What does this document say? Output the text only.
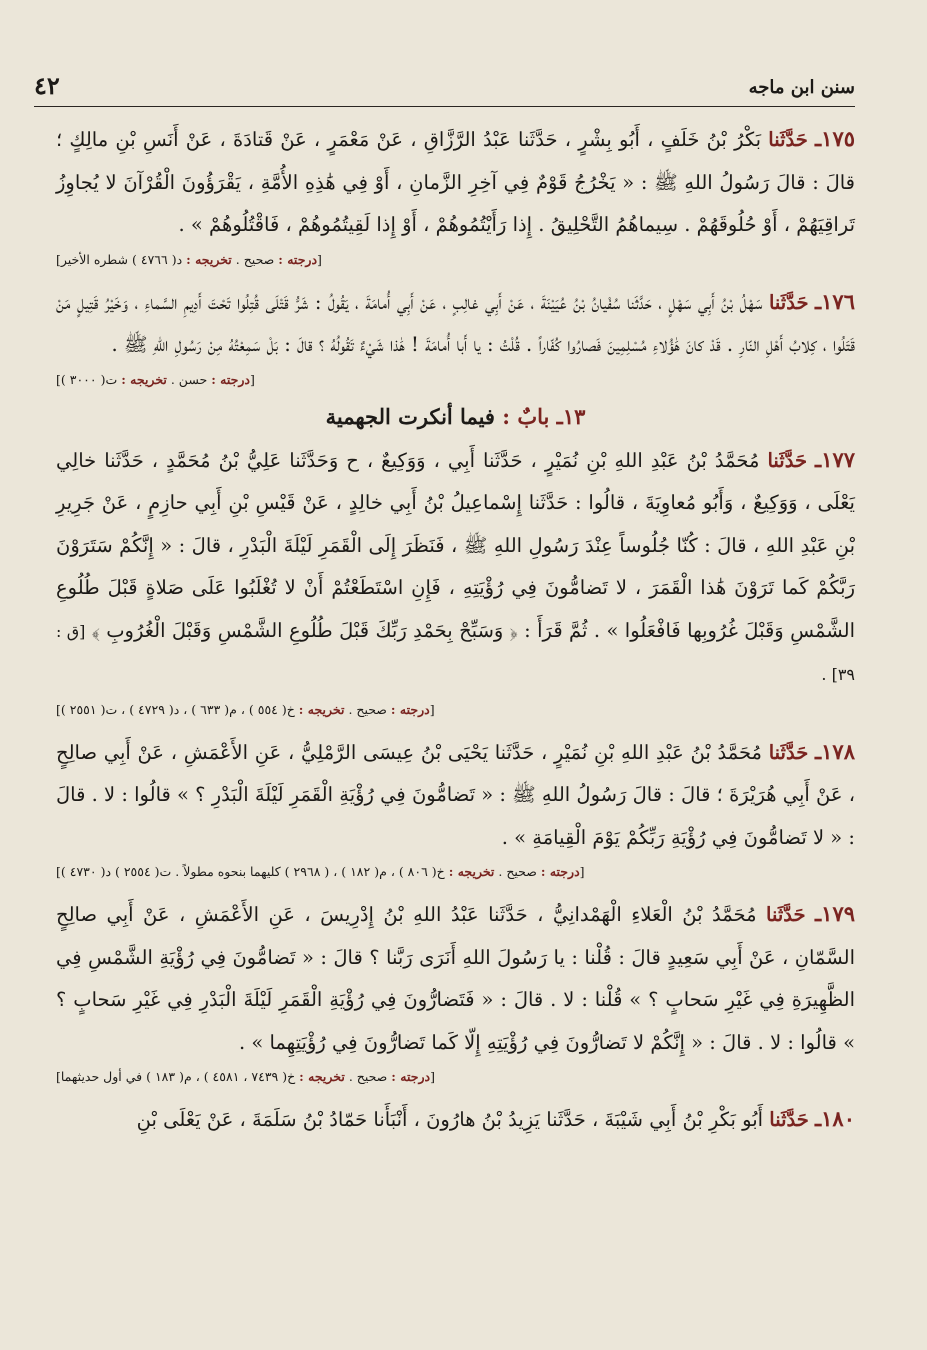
سنن ابن ماجه
٤٢
١٧٥ـ حَدَّثَنا بَكْرُ بْنُ خَلَفٍ ، أَبُو بِشْرٍ ، حَدَّثَنا عَبْدُ الرَّزَّاقِ ، عَنْ مَعْمَرٍ ، عَنْ قَتادَةَ ، عَنْ أَنَسِ بْنِ مالِكٍ ؛ قالَ : قالَ رَسُولُ اللهِ ﷺ : « يَخْرُجُ قَوْمٌ فِي آخِرِ الزَّمانِ ، أَوْ فِي هَٰذِهِ الأُمَّةِ ، يَقْرَؤُونَ الْقُرْآنَ لا يُجاوِزُ تَراقِيَهُمْ ، أَوْ حُلُوقَهُمْ . سِيماهُمُ التَّحْلِيقُ . إِذا رَأَيْتُمُوهُمْ ، أَوْ إِذا لَقِيتُمُوهُمْ ، فَاقْتُلُوهُمْ » .
[درجته : صحيح . تخريجه : د( ٤٧٦٦ ) شطره الأخير]
١٧٦ـ حَدَّثَنا سَهْلُ بْنُ أَبِي سَهْلٍ ، حَدَّثَنا سُفْيانُ بْنُ عُيَيْنَةَ ، عَنْ أَبِي غالِبٍ ، عَنْ أَبِي أُمامَةَ ، يَقُولُ : شَرُّ قَتْلَى قُتِلُوا تَحْتَ أَدِيمِ السَّماءِ ، وَخَيْرُ قَتِيلٍ مَنْ قَتَلُوا ، كِلابُ أَهْلِ النّارِ . قَدْ كانَ هَٰؤُلاءِ مُسْلِمِينَ فَصارُوا كُفّاراً . قُلْتُ : يا أَبا أُمامَةَ ! هَٰذا شَيْءٌ تَقُولُهُ ؟ قالَ : بَلْ سَمِعْتُهُ مِنْ رَسُولِ اللهِ ﷺ .
[درجته : حسن . تخريجه : ت( ٣٠٠٠ )]
١٣ـ بابٌ : فيما أنكرت الجهمية
١٧٧ـ حَدَّثَنا مُحَمَّدُ بْنُ عَبْدِ اللهِ بْنِ نُمَيْرٍ ، حَدَّثَنا أَبِي ، وَوَكِيعٌ ، ح وَحَدَّثَنا عَلِيُّ بْنُ مُحَمَّدٍ ، حَدَّثَنا خالِي يَعْلَى ، وَوَكِيعٌ ، وَأَبُو مُعاوِيَةَ ، قالُوا : حَدَّثَنا إِسْماعِيلُ بْنُ أَبِي خالِدٍ ، عَنْ قَيْسِ بْنِ أَبِي حازِمٍ ، عَنْ جَرِيرِ بْنِ عَبْدِ اللهِ ، قالَ : كُنّا جُلُوساً عِنْدَ رَسُولِ اللهِ ﷺ ، فَنَظَرَ إِلَى الْقَمَرِ لَيْلَةَ الْبَدْرِ ، قالَ : « إِنَّكُمْ سَتَرَوْنَ رَبَّكُمْ كَما تَرَوْنَ هَٰذا الْقَمَرَ ، لا تَضامُّونَ فِي رُؤْيَتِهِ ، فَإِنِ اسْتَطَعْتُمْ أَنْ لا تُغْلَبُوا عَلَى صَلاةٍ قَبْلَ طُلُوعِ الشَّمْسِ وَقَبْلَ غُرُوبِها فَافْعَلُوا » . ثُمَّ قَرَأَ : ﴿ وَسَبِّحْ بِحَمْدِ رَبِّكَ قَبْلَ طُلُوعِ الشَّمْسِ وَقَبْلَ الْغُرُوبِ ﴾ [ق : ٣٩] .
[درجته : صحيح . تخريجه : خ( ٥٥٤ ) ، م( ٦٣٣ ) ، د( ٤٧٢٩ ) ، ت( ٢٥٥١ )]
١٧٨ـ حَدَّثَنا مُحَمَّدُ بْنُ عَبْدِ اللهِ بْنِ نُمَيْرٍ ، حَدَّثَنا يَحْيَى بْنُ عِيسَى الرَّمْلِيُّ ، عَنِ الأَعْمَشِ ، عَنْ أَبِي صالِحٍ ، عَنْ أَبِي هُرَيْرَةَ ؛ قالَ : قالَ رَسُولُ اللهِ ﷺ : « تَضامُّونَ فِي رُؤْيَةِ الْقَمَرِ لَيْلَةَ الْبَدْرِ ؟ » قالُوا : لا . قالَ : « لا تَضامُّونَ فِي رُؤْيَةِ رَبِّكُمْ يَوْمَ الْقِيامَةِ » .
[درجته : صحيح . تخريجه : خ( ٨٠٦ ) ، م( ١٨٢ ) ، ( ٢٩٦٨ ) كليهما بنحوه مطولاً . ت( ٢٥٥٤ ) د( ٤٧٣٠ )]
١٧٩ـ حَدَّثَنا مُحَمَّدُ بْنُ الْعَلاءِ الْهَمْدانِيُّ ، حَدَّثَنا عَبْدُ اللهِ بْنُ إِدْرِيسَ ، عَنِ الأَعْمَشِ ، عَنْ أَبِي صالِحٍ السَّمّانِ ، عَنْ أَبِي سَعِيدٍ قالَ : قُلْنا : يا رَسُولَ اللهِ أَنَرَى رَبَّنا ؟ قالَ : « تَضامُّونَ فِي رُؤْيَةِ الشَّمْسِ فِي الظَّهِيرَةِ فِي غَيْرِ سَحابٍ ؟ » قُلْنا : لا . قالَ : « فَتَضارُّونَ فِي رُؤْيَةِ الْقَمَرِ لَيْلَةَ الْبَدْرِ فِي غَيْرِ سَحابٍ ؟ » قالُوا : لا . قالَ : « إِنَّكُمْ لا تَضارُّونَ فِي رُؤْيَتِهِ إِلّا كَما تَضارُّونَ فِي رُؤْيَتِهِما » .
[درجته : صحيح . تخريجه : خ( ٧٤٣٩ ، ٤٥٨١ ) ، م( ١٨٣ ) في أول حديثهما]
١٨٠ـ حَدَّثَنا أَبُو بَكْرِ بْنُ أَبِي شَيْبَةَ ، حَدَّثَنا يَزِيدُ بْنُ هارُونَ ، أَنْبَأَنا حَمّادُ بْنُ سَلَمَةَ ، عَنْ يَعْلَى بْنِ
